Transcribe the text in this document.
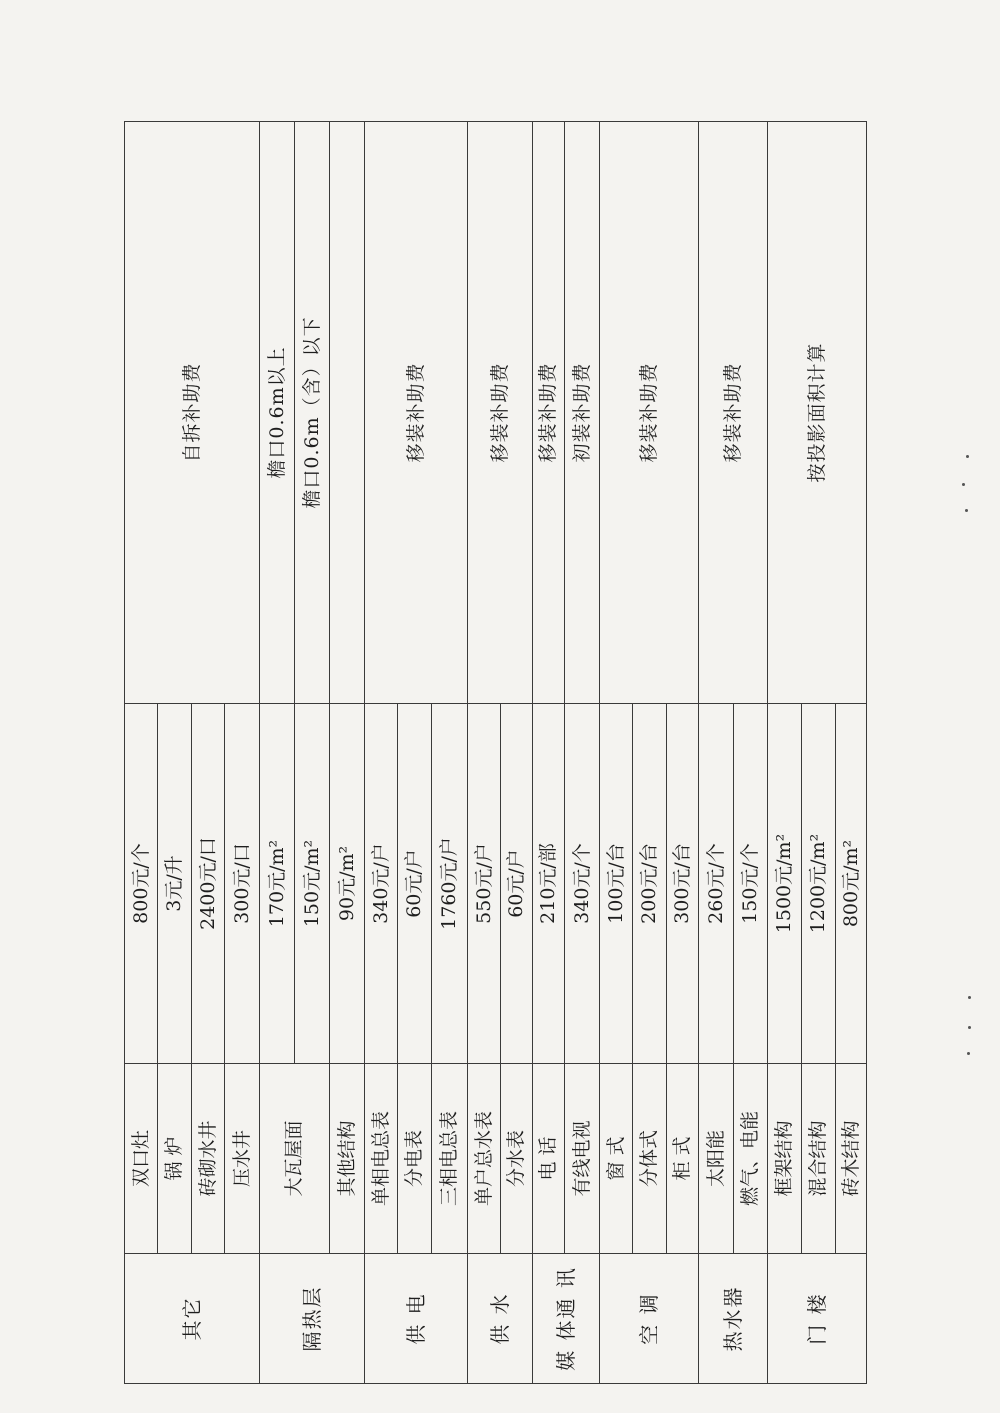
其它	双口灶	800元/个	自拆补助费
	锅 炉	3元/升	
	砖砌水井	2400元/口	
	压水井	300元/口	
隔热层	大瓦屋面	170元/m²	檐口0.6m以上
		150元/m²	檐口0.6m（含）以下
	其他结构	90元/m²	
供 电	单相电总表	340元/户	移装补助费
	分电表	60元/户	
	三相电总表	1760元/户	
供 水	单户总水表	550元/户	移装补助费
	分水表	60元/户	
媒 体通 讯	电 话	210元/部	移装补助费
	有线电视	340元/个	初装补助费
空 调	窗 式	100元/台	移装补助费
	分体式	200元/台	
	柜 式	300元/台	
热水器	太阳能	260元/个	移装补助费
	燃气、电能	150元/个	
门 楼	框架结构	1500元/m²	按投影面积计算
	混合结构	1200元/m²	
	砖木结构	800元/m²	
